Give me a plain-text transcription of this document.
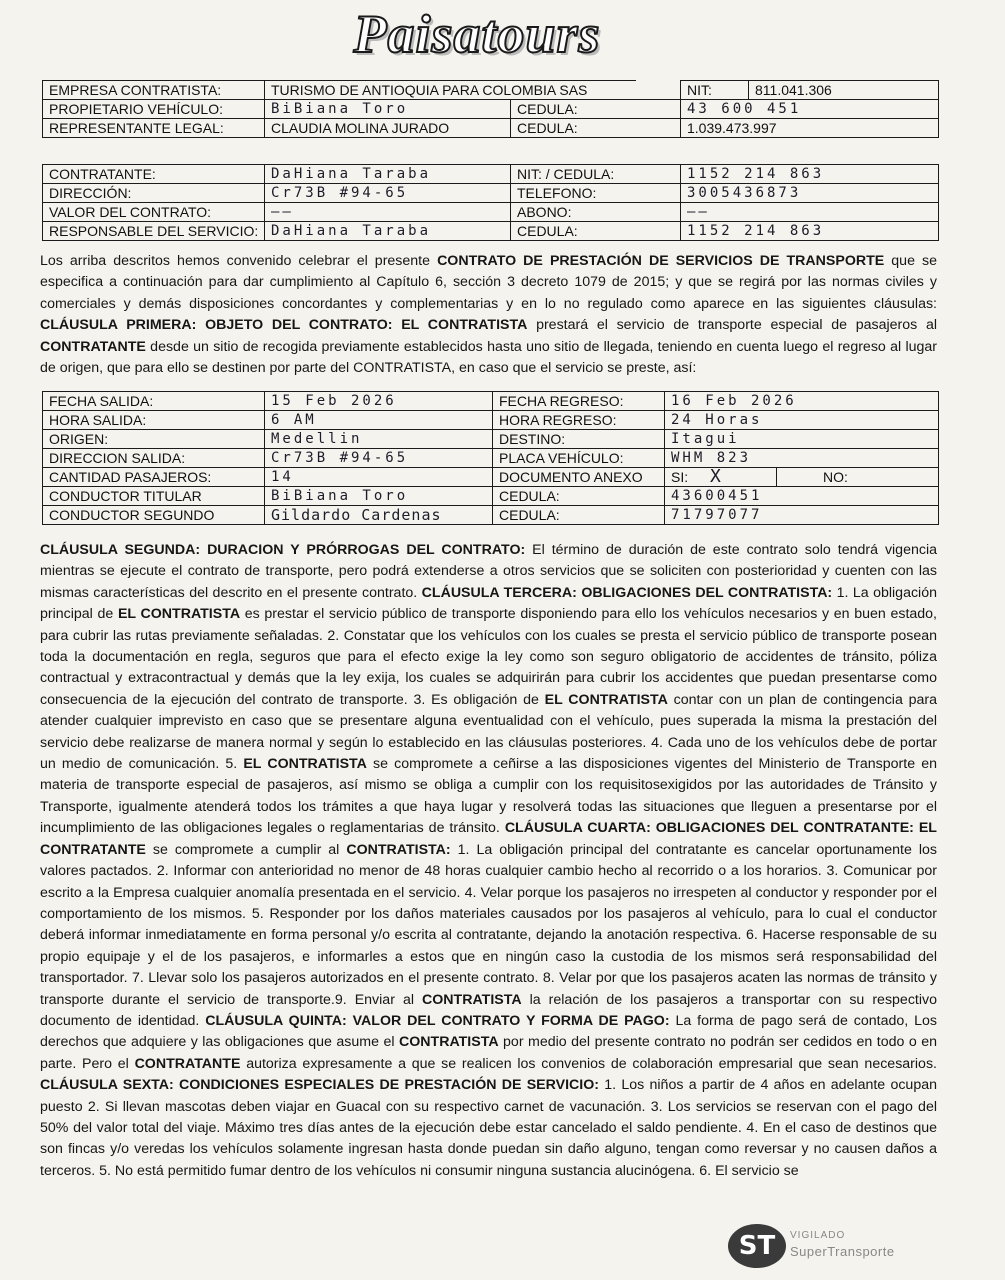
Paisatours
EMPRESA CONTRATISTA:	TURISMO DE ANTIOQUIA PARA COLOMBIA SAS			NIT:	811.041.306
PROPIETARIO VEHÍCULO:	BiBiana Toro	CEDULA:		43 600 451	
REPRESENTANTE LEGAL:	CLAUDIA MOLINA JURADO	CEDULA:		1.039.473.997	
CONTRATANTE:	DaHiana Taraba	NIT: / CEDULA:	1152 214 863
DIRECCIÓN:	Cr73B #94-65	TELEFONO:	3005436873
VALOR DEL CONTRATO:	——	ABONO:	——
RESPONSABLE DEL SERVICIO:	DaHiana Taraba	CEDULA:	1152 214 863
Los arriba descritos hemos convenido celebrar el presente CONTRATO DE PRESTACIÓN DE SERVICIOS DE TRANSPORTE que se especifica a continuación para dar cumplimiento al Capítulo 6, sección 3 decreto 1079 de 2015; y que se regirá por las normas civiles y comerciales y demás disposiciones concordantes y complementarias y en lo no regulado como aparece en las siguientes cláusulas: CLÁUSULA PRIMERA: OBJETO DEL CONTRATO: EL CONTRATISTA prestará el servicio de transporte especial de pasajeros al CONTRATANTE desde un sitio de recogida previamente establecidos hasta uno sitio de llegada, teniendo en cuenta luego el regreso al lugar de origen, que para ello se destinen por parte del CONTRATISTA, en caso que el servicio se preste, así:
FECHA SALIDA:	15 Feb 2026	FECHA REGRESO:	16 Feb 2026	
HORA SALIDA:	6 AM	HORA REGRESO:	24 Horas	
ORIGEN:	Medellin	DESTINO:	Itagui	
DIRECCION SALIDA:	Cr73B #94-65	PLACA VEHÍCULO:	WHM 823	
CANTIDAD PASAJEROS:	14	DOCUMENTO ANEXO	SI: X	NO:
CONDUCTOR TITULAR	BiBiana Toro	CEDULA:	43600451	
CONDUCTOR SEGUNDO	Gildardo Cardenas	CEDULA:	71797077	
CLÁUSULA SEGUNDA: DURACION Y PRÓRROGAS DEL CONTRATO: El término de duración de este contrato solo tendrá vigencia mientras se ejecute el contrato de transporte, pero podrá extenderse a otros servicios que se soliciten con posterioridad y cuenten con las mismas características del descrito en el presente contrato. CLÁUSULA TERCERA: OBLIGACIONES DEL CONTRATISTA: 1. La obligación principal de EL CONTRATISTA es prestar el servicio público de transporte disponiendo para ello los vehículos necesarios y en buen estado, para cubrir las rutas previamente señaladas. 2. Constatar que los vehículos con los cuales se presta el servicio público de transporte posean toda la documentación en regla, seguros que para el efecto exige la ley como son seguro obligatorio de accidentes de tránsito, póliza contractual y extracontractual y demás que la ley exija, los cuales se adquirirán para cubrir los accidentes que puedan presentarse como consecuencia de la ejecución del contrato de transporte. 3. Es obligación de EL CONTRATISTA contar con un plan de contingencia para atender cualquier imprevisto en caso que se presentare alguna eventualidad con el vehículo, pues superada la misma la prestación del servicio debe realizarse de manera normal y según lo establecido en las cláusulas posteriores. 4. Cada uno de los vehículos debe de portar un medio de comunicación. 5. EL CONTRATISTA se compromete a ceñirse a las disposiciones vigentes del Ministerio de Transporte en materia de transporte especial de pasajeros, así mismo se obliga a cumplir con los requisitosexigidos por las autoridades de Tránsito y Transporte, igualmente atenderá todos los trámites a que haya lugar y resolverá todas las situaciones que lleguen a presentarse por el incumplimiento de las obligaciones legales o reglamentarias de tránsito. CLÁUSULA CUARTA: OBLIGACIONES DEL CONTRATANTE: EL CONTRATANTE se compromete a cumplir al CONTRATISTA: 1. La obligación principal del contratante es cancelar oportunamente los valores pactados. 2. Informar con anterioridad no menor de 48 horas cualquier cambio hecho al recorrido o a los horarios. 3. Comunicar por escrito a la Empresa cualquier anomalía presentada en el servicio. 4. Velar porque los pasajeros no irrespeten al conductor y responder por el comportamiento de los mismos. 5. Responder por los daños materiales causados por los pasajeros al vehículo, para lo cual el conductor deberá informar inmediatamente en forma personal y/o escrita al contratante, dejando la anotación respectiva. 6. Hacerse responsable de su propio equipaje y el de los pasajeros, e informarles a estos que en ningún caso la custodia de los mismos será responsabilidad del transportador. 7. Llevar solo los pasajeros autorizados en el presente contrato. 8. Velar por que los pasajeros acaten las normas de tránsito y transporte durante el servicio de transporte.9. Enviar al CONTRATISTA la relación de los pasajeros a transportar con su respectivo documento de identidad. CLÁUSULA QUINTA: VALOR DEL CONTRATO Y FORMA DE PAGO: La forma de pago será de contado, Los derechos que adquiere y las obligaciones que asume el CONTRATISTA por medio del presente contrato no podrán ser cedidos en todo o en parte. Pero el CONTRATANTE autoriza expresamente a que se realicen los convenios de colaboración empresarial que sean necesarios. CLÁUSULA SEXTA: CONDICIONES ESPECIALES DE PRESTACIÓN DE SERVICIO: 1. Los niños a partir de 4 años en adelante ocupan puesto 2. Si llevan mascotas deben viajar en Guacal con su respectivo carnet de vacunación. 3. Los servicios se reservan con el pago del 50% del valor total del viaje. Máximo tres días antes de la ejecución debe estar cancelado el saldo pendiente. 4. En el caso de destinos que son fincas y/o veredas los vehículos solamente ingresan hasta donde puedan sin daño alguno, tengan como reversar y no causen daños a terceros. 5. No está permitido fumar dentro de los vehículos ni consumir ninguna sustancia alucinógena. 6. El servicio se
ST	VIGILADO
SuperTransporte
